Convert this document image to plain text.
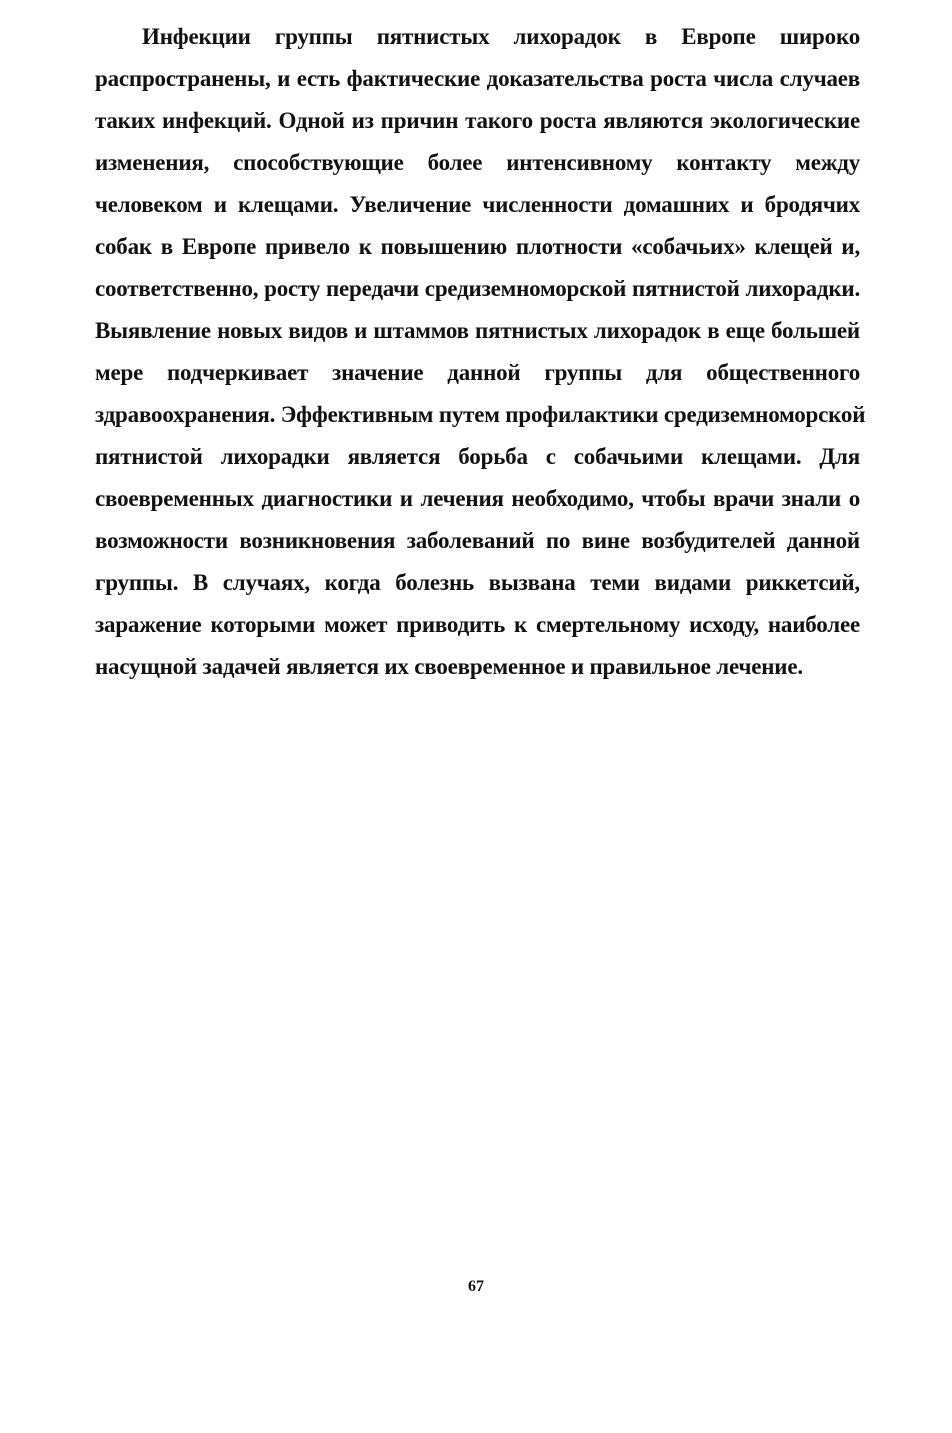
Инфекции группы пятнистых лихорадок в Европе широко
распространены, и есть фактические доказательства роста числа случаев
таких инфекций. Одной из причин такого роста являются экологические
изменения, способствующие более интенсивному контакту между
человеком и клещами. Увеличение численности домашних и бродячих
собак в Европе привело к повышению плотности «собачьих» клещей и,
соответственно, росту передачи средиземноморской пятнистой лихорадки.
Выявление новых видов и штаммов пятнистых лихорадок в еще большей
мере подчеркивает значение данной группы для общественного
здравоохранения. Эффективным путем профилактики средиземноморской
пятнистой лихорадки является борьба с собачьими клещами. Для
своевременных диагностики и лечения необходимо, чтобы врачи знали о
возможности возникновения заболеваний по вине возбудителей данной
группы. В случаях, когда болезнь вызвана теми видами риккетсий,
заражение которыми может приводить к смертельному исходу, наиболее
насущной задачей является их своевременное и правильное лечение.
67
